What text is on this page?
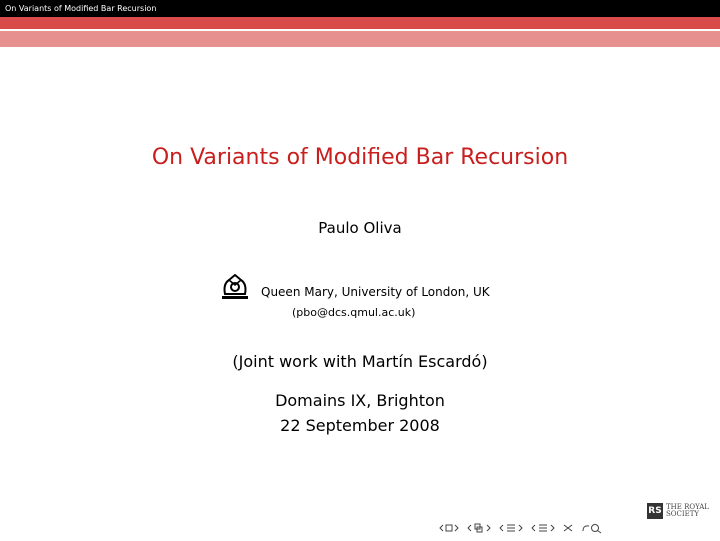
On Variants of Modified Bar Recursion
On Variants of Modified Bar Recursion
Paulo Oliva
Queen Mary, University of London, UK
(pbo@dcs.qmul.ac.uk)
(Joint work with Martín Escardó)
Domains IX, Brighton
22 September 2008
RS THE ROYAL
SOCIETY
